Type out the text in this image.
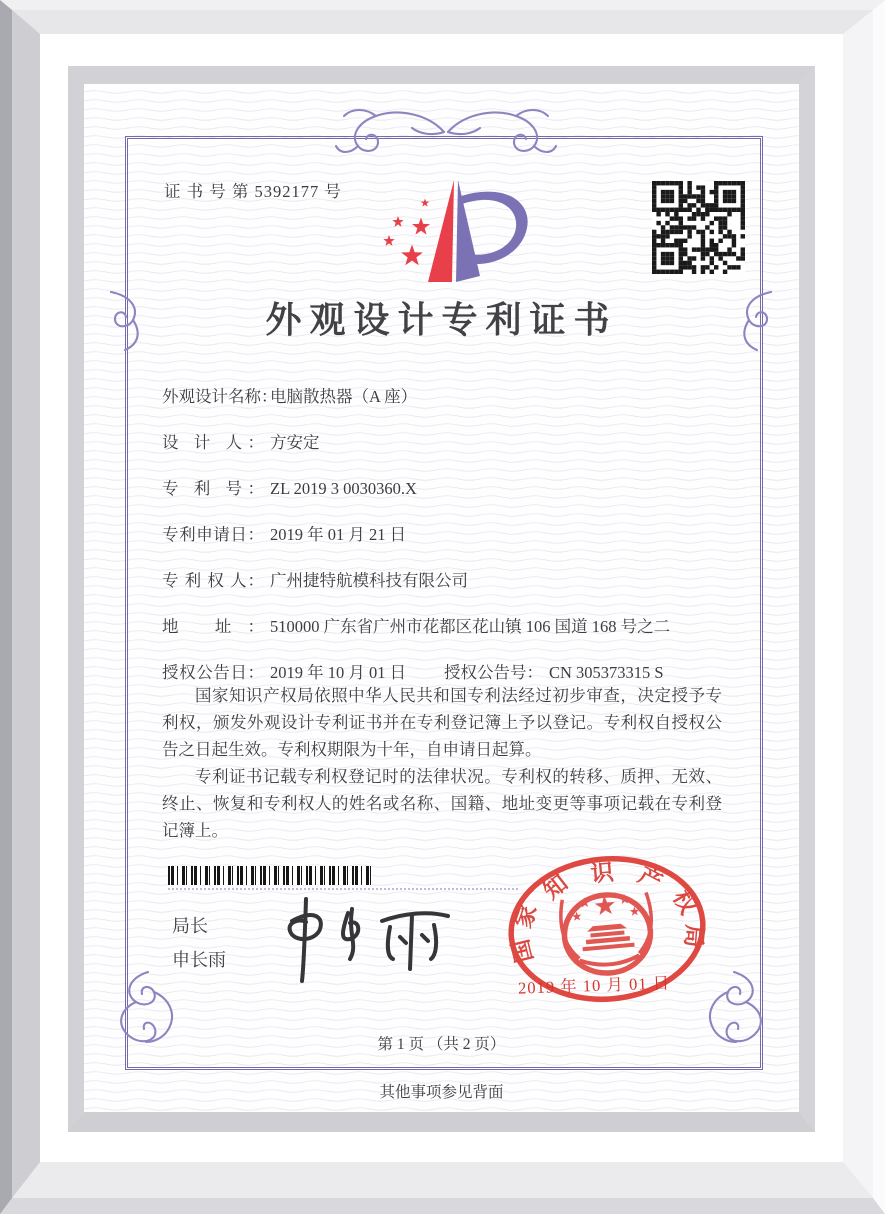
证 书 号 第 5392177 号
外观设计专利证书
外观设计名称：电脑散热器（A 座）
设 计 人： 方安定
专 利 号： ZL 2019 3 0030360.X
专利申请日： 2019 年 01 月 21 日
专 利 权 人： 广州捷特航模科技有限公司
地 址： 510000 广东省广州市花都区花山镇 106 国道 168 号之二
授权公告日： 2019 年 10 月 01 日 授权公告号： CN 305373315 S

国家知识产权局依照中华人民共和国专利法经过初步审查，决定授予专利权，颁发外观设计专利证书并在专利登记簿上予以登记。专利权自授权公告之日起生效。专利权期限为十年，自申请日起算。

专利证书记载专利权登记时的法律状况。专利权的转移、质押、无效、终止、恢复和专利权人的姓名或名称、国籍、地址变更等事项记载在专利登记簿上。

局长
申长雨	国
家
知 识 产
权
局
2019 年 10 月 01 日
第 1 页 （共 2 页）
其他事项参见背面
